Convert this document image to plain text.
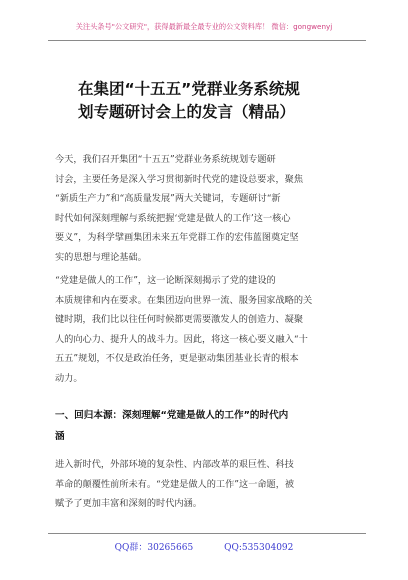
关注头条号"公文研究"，获得最新最全最专业的公文资料库！ 微信：gongwenyj
在集团“十五五”党群业务系统规
划专题研讨会上的发言（精品）
今天，我们召开集团“十五五”党群业务系统规划专题研
讨会，主要任务是深入学习贯彻新时代党的建设总要求，聚焦
“新质生产力”和“高质量发展”两大关键词，专题研讨“新
时代如何深刻理解与系统把握‘党建是做人的工作’这一核心
要义”，为科学擘画集团未来五年党群工作的宏伟蓝图奠定坚
实的思想与理论基础。
“党建是做人的工作”，这一论断深刻揭示了党的建设的
本质规律和内在要求。在集团迈向世界一流、服务国家战略的关
键时期，我们比以往任何时候都更需要激发人的创造力、凝聚
人的向心力、提升人的战斗力。因此，将这一核心要义融入“十
五五”规划，不仅是政治任务，更是驱动集团基业长青的根本
动力。
一、回归本源：深刻理解“党建是做人的工作”的时代内
涵
进入新时代，外部环境的复杂性、内部改革的艰巨性、科技
革命的颠覆性前所未有。“党建是做人的工作”这一命题，被
赋予了更加丰富和深刻的时代内涵。
QQ群：30265665	QQ:535304092
